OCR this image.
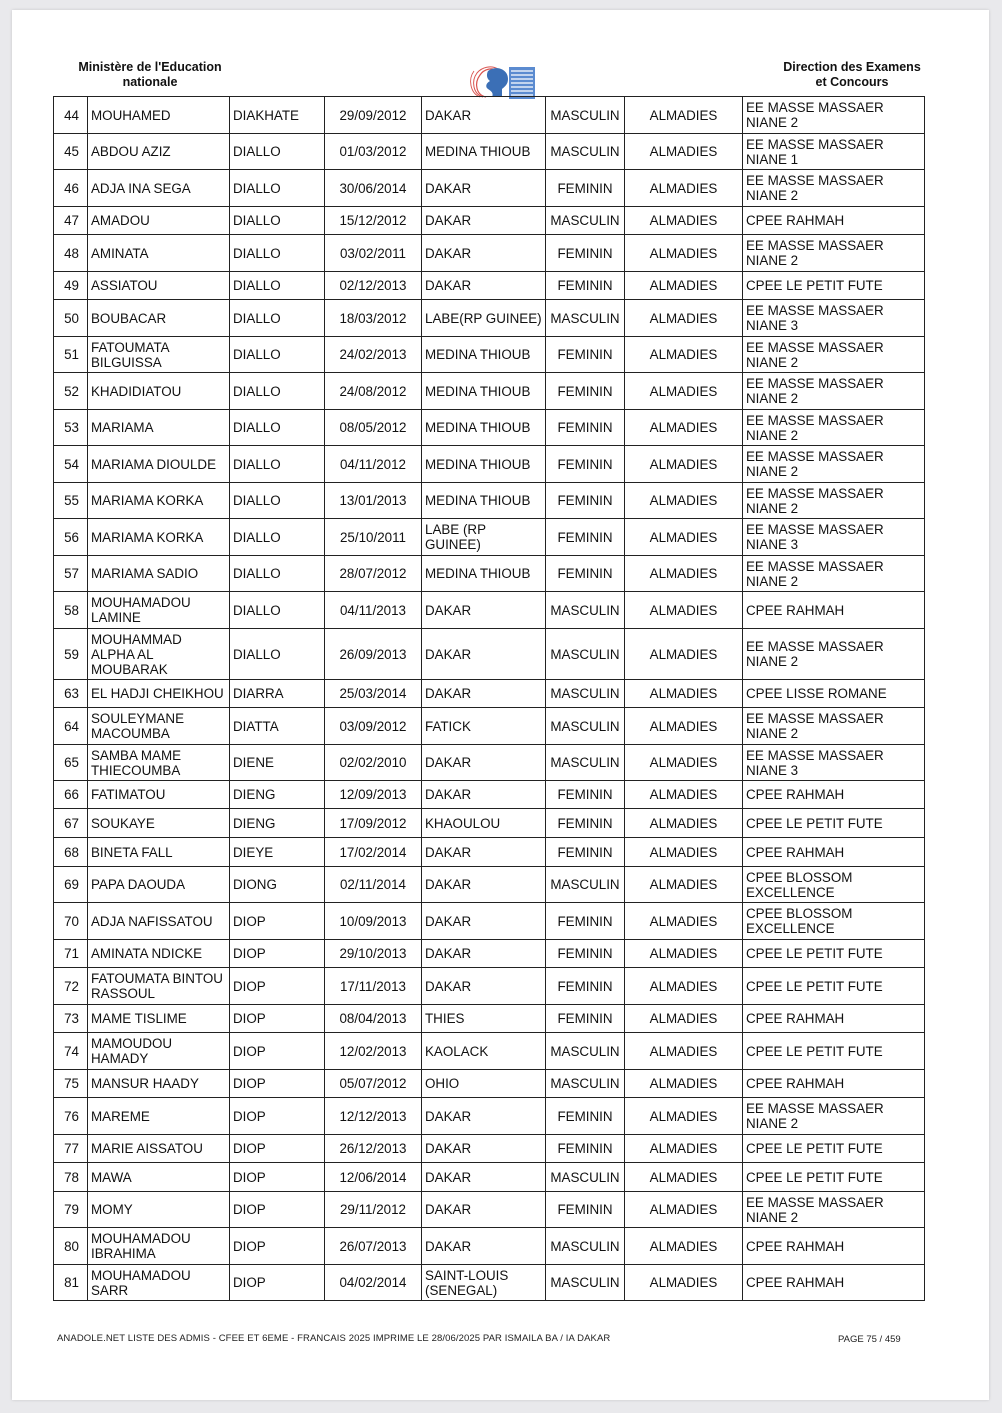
Ministère de l'Education
nationale
Direction des Examens
et Concours
44	MOUHAMED	DIAKHATE	29/09/2012	DAKAR	MASCULIN	ALMADIES	EE MASSE MASSAER NIANE 2
45	ABDOU AZIZ	DIALLO	01/03/2012	MEDINA THIOUB	MASCULIN	ALMADIES	EE MASSE MASSAER NIANE 1
46	ADJA INA SEGA	DIALLO	30/06/2014	DAKAR	FEMININ	ALMADIES	EE MASSE MASSAER NIANE 2
47	AMADOU	DIALLO	15/12/2012	DAKAR	MASCULIN	ALMADIES	CPEE RAHMAH
48	AMINATA	DIALLO	03/02/2011	DAKAR	FEMININ	ALMADIES	EE MASSE MASSAER NIANE 2
49	ASSIATOU	DIALLO	02/12/2013	DAKAR	FEMININ	ALMADIES	CPEE LE PETIT FUTE
50	BOUBACAR	DIALLO	18/03/2012	LABE(RP GUINEE)	MASCULIN	ALMADIES	EE MASSE MASSAER NIANE 3
51	FATOUMATA BILGUISSA	DIALLO	24/02/2013	MEDINA THIOUB	FEMININ	ALMADIES	EE MASSE MASSAER NIANE 2
52	KHADIDIATOU	DIALLO	24/08/2012	MEDINA THIOUB	FEMININ	ALMADIES	EE MASSE MASSAER NIANE 2
53	MARIAMA	DIALLO	08/05/2012	MEDINA THIOUB	FEMININ	ALMADIES	EE MASSE MASSAER NIANE 2
54	MARIAMA DIOULDE	DIALLO	04/11/2012	MEDINA THIOUB	FEMININ	ALMADIES	EE MASSE MASSAER NIANE 2
55	MARIAMA KORKA	DIALLO	13/01/2013	MEDINA THIOUB	FEMININ	ALMADIES	EE MASSE MASSAER NIANE 2
56	MARIAMA KORKA	DIALLO	25/10/2011	LABE (RP GUINEE)	FEMININ	ALMADIES	EE MASSE MASSAER NIANE 3
57	MARIAMA SADIO	DIALLO	28/07/2012	MEDINA THIOUB	FEMININ	ALMADIES	EE MASSE MASSAER NIANE 2
58	MOUHAMADOU LAMINE	DIALLO	04/11/2013	DAKAR	MASCULIN	ALMADIES	CPEE RAHMAH
59	MOUHAMMAD ALPHA AL MOUBARAK	DIALLO	26/09/2013	DAKAR	MASCULIN	ALMADIES	EE MASSE MASSAER NIANE 2
63	EL HADJI CHEIKHOU	DIARRA	25/03/2014	DAKAR	MASCULIN	ALMADIES	CPEE LISSE ROMANE
64	SOULEYMANE MACOUMBA	DIATTA	03/09/2012	FATICK	MASCULIN	ALMADIES	EE MASSE MASSAER NIANE 2
65	SAMBA MAME THIECOUMBA	DIENE	02/02/2010	DAKAR	MASCULIN	ALMADIES	EE MASSE MASSAER NIANE 3
66	FATIMATOU	DIENG	12/09/2013	DAKAR	FEMININ	ALMADIES	CPEE RAHMAH
67	SOUKAYE	DIENG	17/09/2012	KHAOULOU	FEMININ	ALMADIES	CPEE LE PETIT FUTE
68	BINETA FALL	DIEYE	17/02/2014	DAKAR	FEMININ	ALMADIES	CPEE RAHMAH
69	PAPA DAOUDA	DIONG	02/11/2014	DAKAR	MASCULIN	ALMADIES	CPEE BLOSSOM EXCELLENCE
70	ADJA NAFISSATOU	DIOP	10/09/2013	DAKAR	FEMININ	ALMADIES	CPEE BLOSSOM EXCELLENCE
71	AMINATA NDICKE	DIOP	29/10/2013	DAKAR	FEMININ	ALMADIES	CPEE LE PETIT FUTE
72	FATOUMATA BINTOU RASSOUL	DIOP	17/11/2013	DAKAR	FEMININ	ALMADIES	CPEE LE PETIT FUTE
73	MAME TISLIME	DIOP	08/04/2013	THIES	FEMININ	ALMADIES	CPEE RAHMAH
74	MAMOUDOU HAMADY	DIOP	12/02/2013	KAOLACK	MASCULIN	ALMADIES	CPEE LE PETIT FUTE
75	MANSUR HAADY	DIOP	05/07/2012	OHIO	MASCULIN	ALMADIES	CPEE RAHMAH
76	MAREME	DIOP	12/12/2013	DAKAR	FEMININ	ALMADIES	EE MASSE MASSAER NIANE 2
77	MARIE AISSATOU	DIOP	26/12/2013	DAKAR	FEMININ	ALMADIES	CPEE LE PETIT FUTE
78	MAWA	DIOP	12/06/2014	DAKAR	MASCULIN	ALMADIES	CPEE LE PETIT FUTE
79	MOMY	DIOP	29/11/2012	DAKAR	FEMININ	ALMADIES	EE MASSE MASSAER NIANE 2
80	MOUHAMADOU IBRAHIMA	DIOP	26/07/2013	DAKAR	MASCULIN	ALMADIES	CPEE RAHMAH
81	MOUHAMADOU SARR	DIOP	04/02/2014	SAINT-LOUIS (SENEGAL)	MASCULIN	ALMADIES	CPEE RAHMAH
ANADOLE.NET LISTE DES ADMIS - CFEE ET 6EME - FRANCAIS 2025 IMPRIME LE 28/06/2025 PAR ISMAILA BA / IA DAKAR	PAGE 75 / 459
